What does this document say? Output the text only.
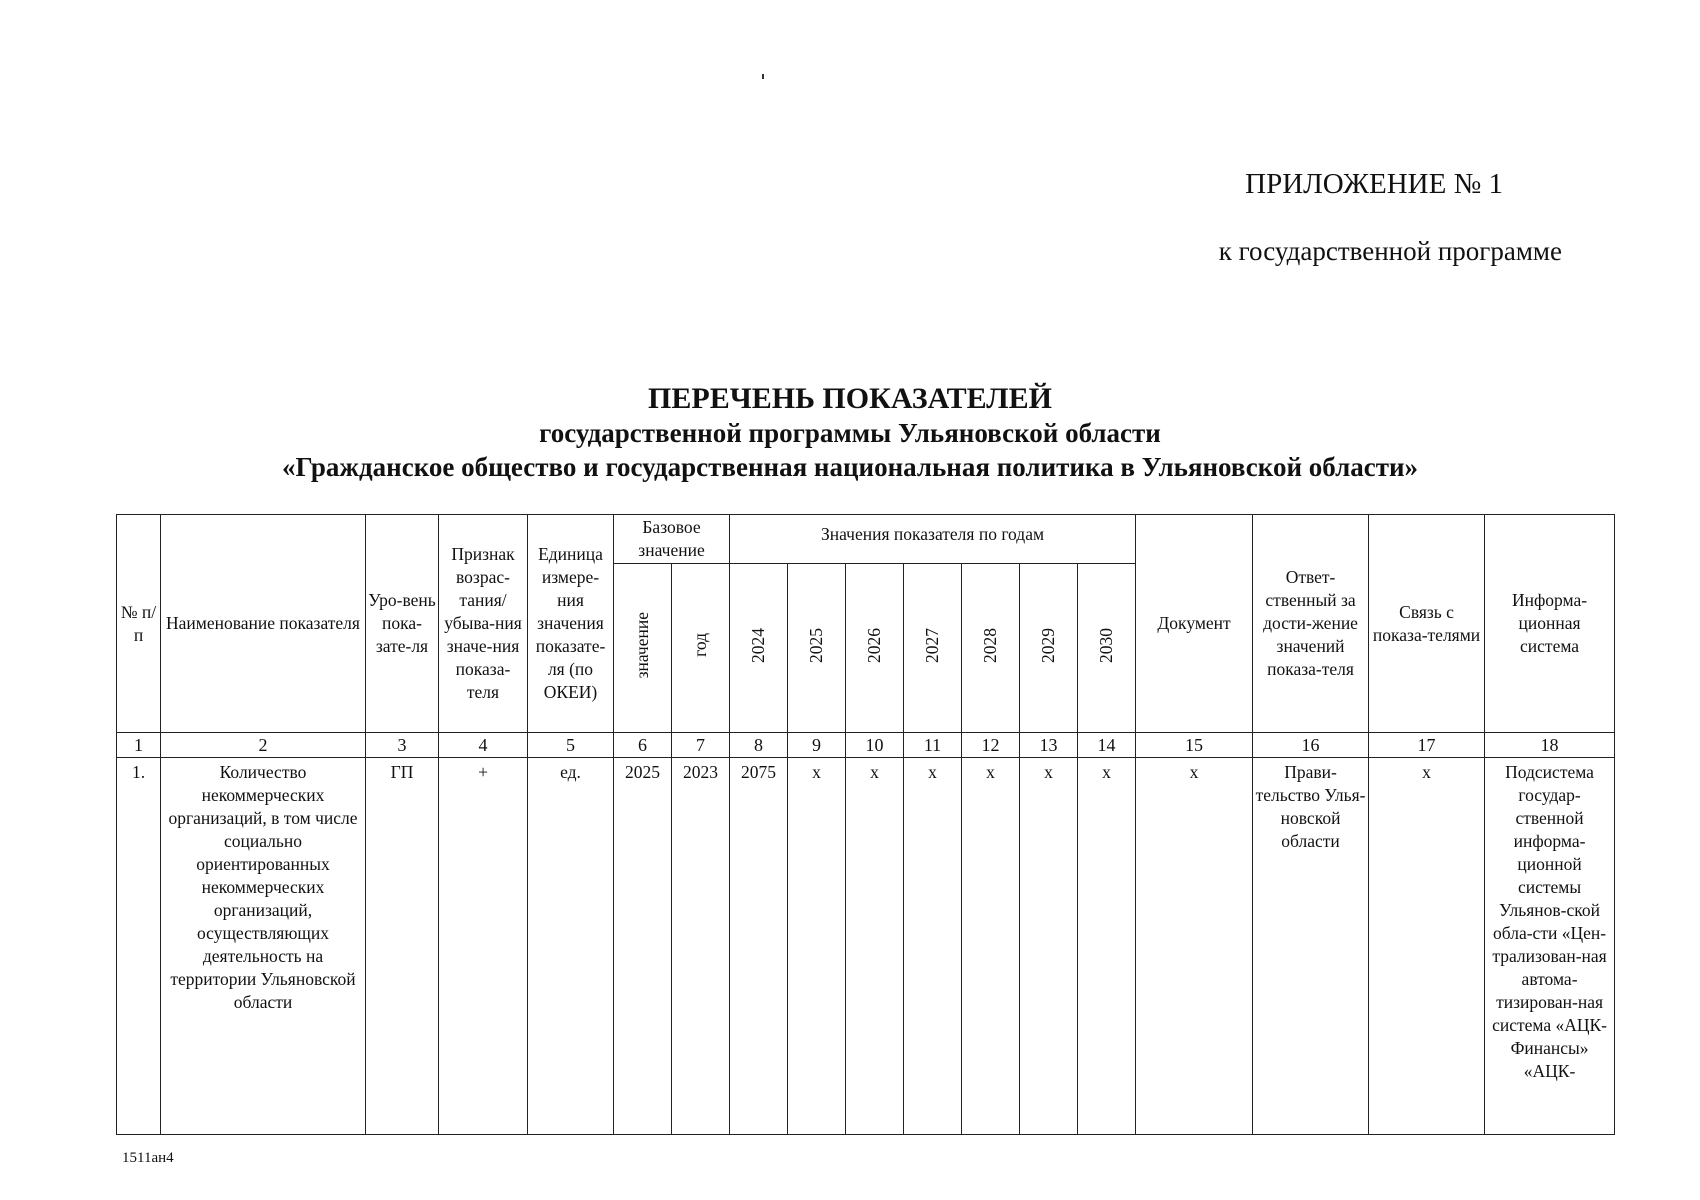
ПРИЛОЖЕНИЕ № 1
к государственной программе
ПЕРЕЧЕНЬ ПОКАЗАТЕЛЕЙ
государственной программы Ульяновской области
«Гражданское общество и государственная национальная политика в Ульяновской области»
№ п/п	Наименование показателя	Уро-вень пока-зате-ля	Признак возрас-тания/ убыва-ния значе-ния показа-теля	Единица измере-ния значения показате-ля (по ОКЕИ)	Базовое значение		Значения показателя по годам							Документ	Ответ-ственный за дости-жение значений показа-теля	Связь с показа-телями	Информа-ционная система
					значение	год	2024	2025	2026	2027	2028	2029	2030				
1	2	3	4	5	6	7	8	9	10	11	12	13	14	15	16	17	18
1.	Количество некоммерческих организаций, в том числе социально ориентированных некоммерческих организаций, осуществляющих деятельность на территории Ульяновской области	ГП	+	ед.	2025	2023	2075	х	х	х	х	х	х	х	Прави-тельство Улья-новской области	х	Подсистема государ-ственной информа-ционной системы Ульянов-ской обла-сти «Цен-трализован-ная автома-тизирован-ная система «АЦК-Финансы» «АЦК-
1511ан4
